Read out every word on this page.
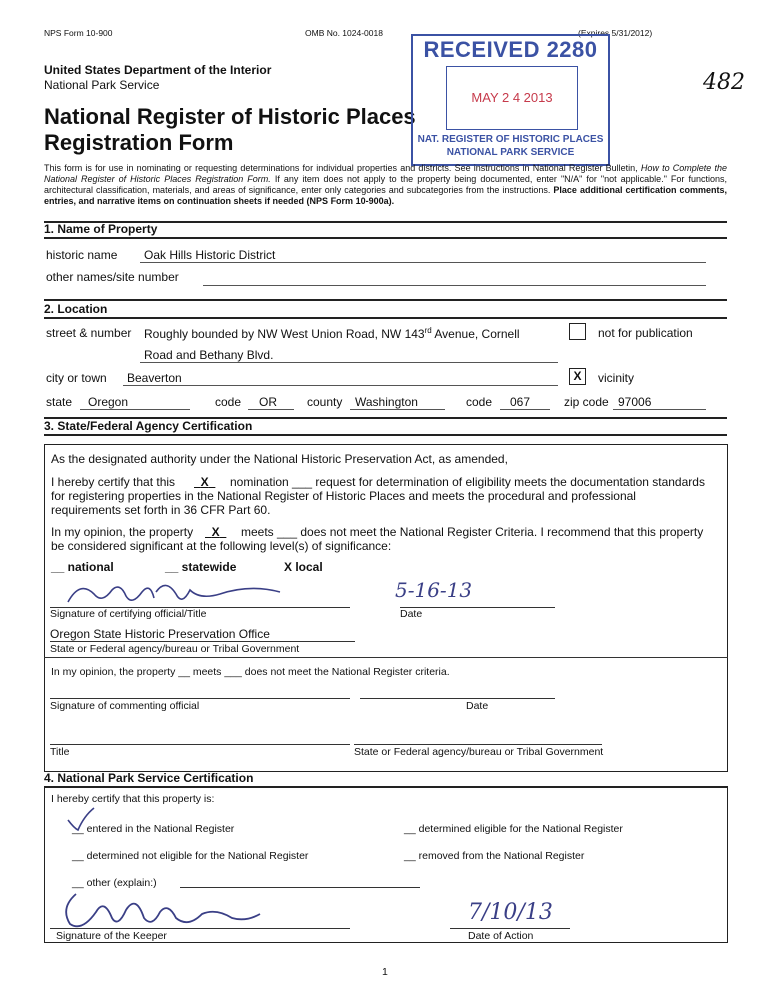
NPS Form 10-900	OMB No. 1024-0018	(Expires 5/31/2012)
United States Department of the Interior
National Park Service
National Register of Historic Places
Registration Form
482
RECEIVED 2280
MAY 2 4 2013
NAT. REGISTER OF HISTORIC PLACES
NATIONAL PARK SERVICE
This form is for use in nominating or requesting determinations for individual properties and districts. See instructions in National Register Bulletin, How to Complete the National Register of Historic Places Registration Form. If any item does not apply to the property being documented, enter "N/A" for "not applicable." For functions, architectural classification, materials, and areas of significance, enter only categories and subcategories from the instructions. Place additional certification comments, entries, and narrative items on continuation sheets if needed (NPS Form 10-900a).
1. Name of Property
historic name Oak Hills Historic District
other names/site number
2. Location
street & number Roughly bounded by NW West Union Road, NW 143rd Avenue, Cornell
Road and Bethany Blvd.
not for publication
city or town Beaverton	X	vicinity
state Oregon	code OR	county Washington	code 067	zip code 97006
3. State/Federal Agency Certification
As the designated authority under the National Historic Preservation Act, as amended,
I hereby certify that this	X	nomination ___ request for determination of eligibility meets the documentation standards
for registering properties in the National Register of Historic Places and meets the procedural and professional
requirements set forth in 36 CFR Part 60.
In my opinion, the property	X	meets ___ does not meet the National Register Criteria. I recommend that this property
be considered significant at the following level(s) of significance:
__ national	__ statewide	X local
5-16-13
Signature of certifying official/Title	Date
Oregon State Historic Preservation Office
State or Federal agency/bureau or Tribal Government
In my opinion, the property __ meets ___ does not meet the National Register criteria.
Signature of commenting official	Date
Title	State or Federal agency/bureau or Tribal Government
4. National Park Service Certification
I hereby certify that this property is:
__ entered in the National Register	__ determined eligible for the National Register
__ determined not eligible for the National Register	__ removed from the National Register
__ other (explain:)
7/10/13
Signature of the Keeper	Date of Action
1
